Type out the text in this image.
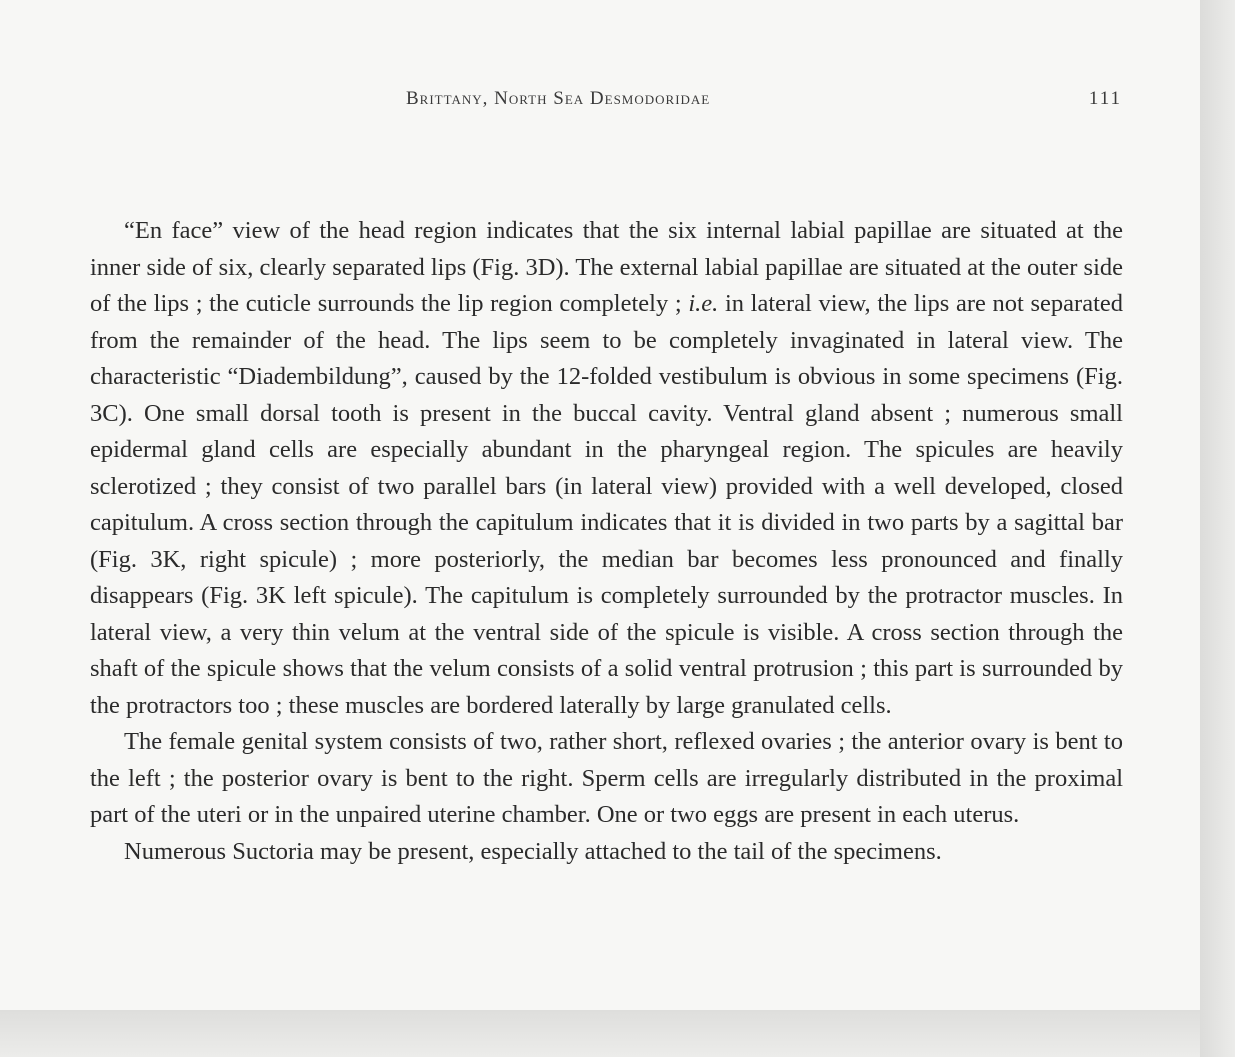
Brittany, North Sea Desmodoridae	111

“En face” view of the head region indicates that the six internal labial papillae are situated at the inner side of six, clearly separated lips (Fig. 3D). The external labial papillae are situated at the outer side of the lips ; the cuticle surrounds the lip region completely ; i.e. in lateral view, the lips are not separated from the remainder of the head. The lips seem to be completely invaginated in lateral view. The characteristic “Diadembildung”, caused by the 12-folded vestibulum is obvious in some specimens (Fig. 3C). One small dorsal tooth is present in the buccal cavity. Ventral gland absent ; numerous small epidermal gland cells are especially abundant in the pharyngeal region. The spicules are heavily sclerotized ; they consist of two parallel bars (in lateral view) provided with a well developed, closed capitulum. A cross section through the capitulum indicates that it is divided in two parts by a sagittal bar (Fig. 3K, right spicule) ; more posteriorly, the median bar becomes less pronounced and finally disappears (Fig. 3K left spicule). The capitulum is completely surrounded by the protractor muscles. In lateral view, a very thin velum at the ventral side of the spicule is visible. A cross section through the shaft of the spicule shows that the velum consists of a solid ventral protrusion ; this part is surrounded by the protractors too ; these muscles are bordered laterally by large granulated cells.

The female genital system consists of two, rather short, reflexed ovaries ; the anterior ovary is bent to the left ; the posterior ovary is bent to the right. Sperm cells are irregularly distributed in the proximal part of the uteri or in the unpaired uterine chamber. One or two eggs are present in each uterus.

Numerous Suctoria may be present, especially attached to the tail of the specimens.
